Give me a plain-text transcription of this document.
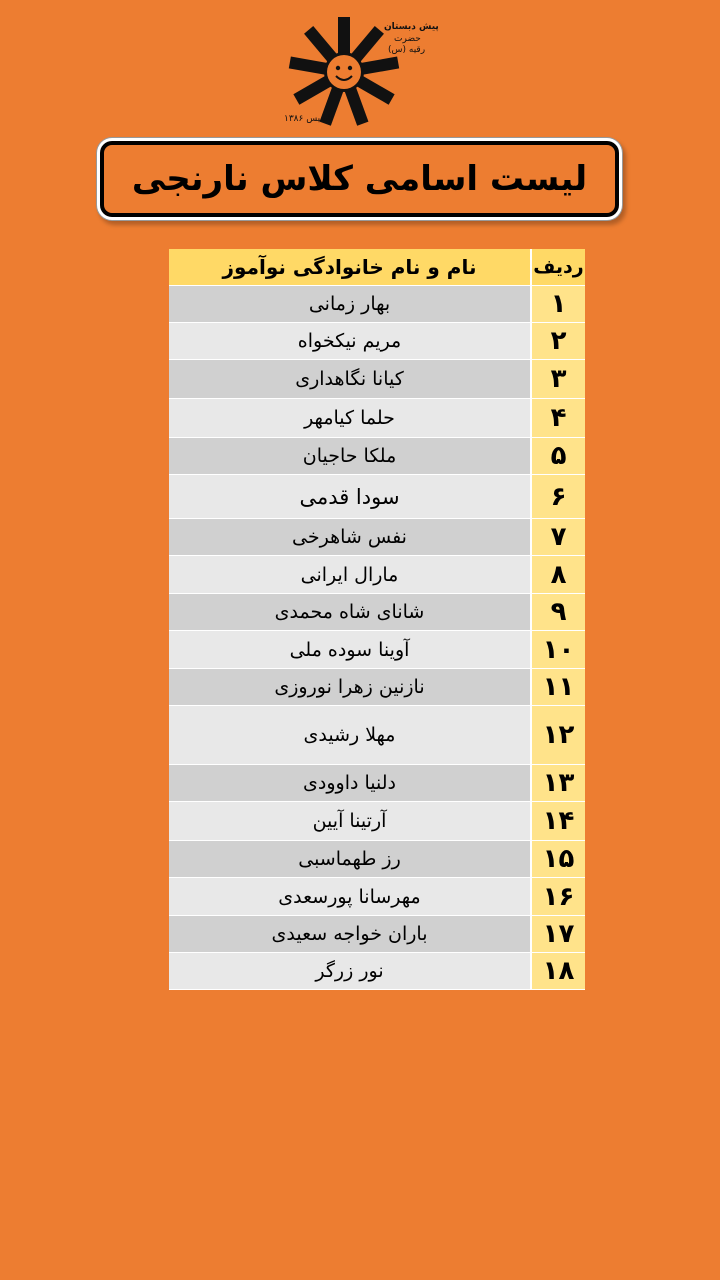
پیش دبستان
حضرت
رقیه (س)
تاسیس ۱۳۸۶
لیست اسامی کلاس نارنجی
ردیف
نام و نام خانوادگی نوآموز
۱
بهار زمانی
۲
مریم نیکخواه
۳
کیانا نگاهداری
۴
حلما کیامهر
۵
ملکا حاجیان
۶
سودا قدمی
۷
نفس شاهرخی
۸
مارال ایرانی
۹
شانای شاه محمدی
۱۰
آوینا سوده ملی
۱۱
نازنین زهرا نوروزی
۱۲
مهلا رشیدی
۱۳
دلنیا داوودی
۱۴
آرتینا آیین
۱۵
رز طهماسبی
۱۶
مهرسانا پورسعدی
۱۷
باران خواجه سعیدی
۱۸
نور زرگر
